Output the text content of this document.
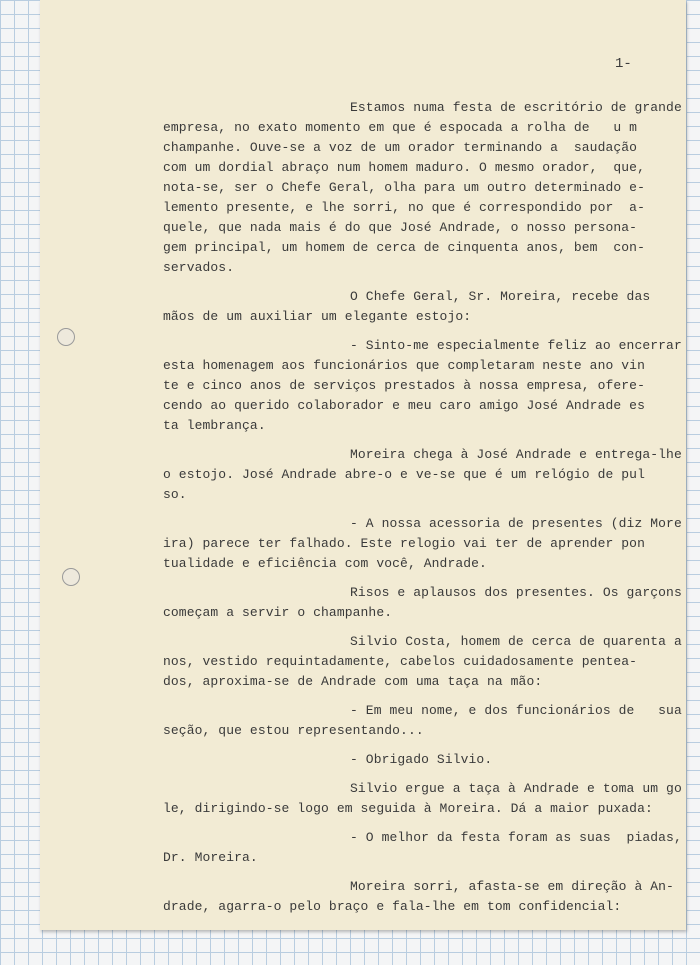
1-
Estamos numa festa de escritório de grande
empresa, no exato momento em que é espocada a rolha de   u m
champanhe. Ouve-se a voz de um orador terminando a  saudação
com um dordial abraço num homem maduro. O mesmo orador,  que,
nota-se, ser o Chefe Geral, olha para um outro determinado e-
lemento presente, e lhe sorri, no que é correspondido por  a-
quele, que nada mais é do que José Andrade, o nosso persona-
gem principal, um homem de cerca de cinquenta anos, bem  con-
servados.
O Chefe Geral, Sr. Moreira, recebe das
mãos de um auxiliar um elegante estojo:
- Sinto-me especialmente feliz ao encerrar
esta homenagem aos funcionários que completaram neste ano vin
te e cinco anos de serviços prestados à nossa empresa, ofere-
cendo ao querido colaborador e meu caro amigo José Andrade es
ta lembrança.
Moreira chega à José Andrade e entrega-lhe
o estojo. José Andrade abre-o e ve-se que é um relógio de pul
so.
- A nossa acessoria de presentes (diz More
ira) parece ter falhado. Este relogio vai ter de aprender pon
tualidade e eficiência com você, Andrade.
Risos e aplausos dos presentes. Os garçons
começam a servir o champanhe.
Silvio Costa, homem de cerca de quarenta a
nos, vestido requintadamente, cabelos cuidadosamente pentea-
dos, aproxima-se de Andrade com uma taça na mão:
- Em meu nome, e dos funcionários de   sua
seção, que estou representando...
- Obrigado Silvio.
Silvio ergue a taça à Andrade e toma um go
le, dirigindo-se logo em seguida à Moreira. Dá a maior puxada:
- O melhor da festa foram as suas  piadas,
Dr. Moreira.
Moreira sorri, afasta-se em direção à An-
drade, agarra-o pelo braço e fala-lhe em tom confidencial:
